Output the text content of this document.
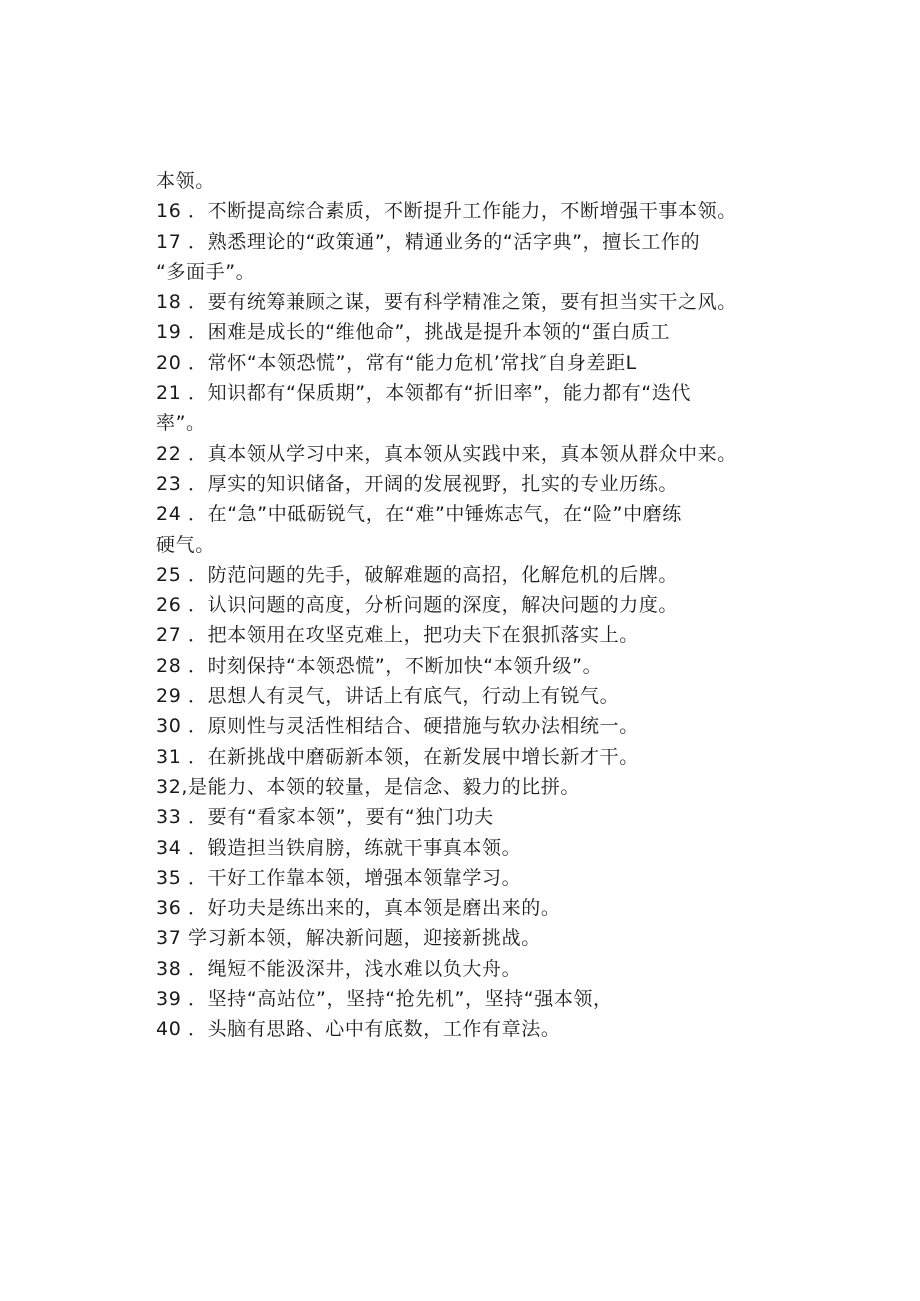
本领。
16 ．不断提高综合素质，不断提升工作能力，不断增强干事本领。
17 ．熟悉理论的“政策通”，精通业务的“活字典”，擅长工作的
“多面手”。
18 ．要有统筹兼顾之谋，要有科学精准之策，要有担当实干之风。
19 ．困难是成长的“维他命”，挑战是提升本领的“蛋白质工
20 ．常怀“本领恐慌”，常有“能力危机’常找″自身差距L
21 ．知识都有“保质期”，本领都有“折旧率”，能力都有“迭代
率”。
22 ．真本领从学习中来，真本领从实践中来，真本领从群众中来。
23 ．厚实的知识储备，开阔的发展视野，扎实的专业历练。
24 ．在“急”中砥砺锐气，在“难”中锤炼志气，在“险”中磨练
硬气。
25 ．防范问题的先手，破解难题的高招，化解危机的后牌。
26 ．认识问题的高度，分析问题的深度，解决问题的力度。
27 ．把本领用在攻坚克难上，把功夫下在狠抓落实上。
28 ．时刻保持“本领恐慌”，不断加快“本领升级”。
29 ．思想人有灵气，讲话上有底气，行动上有锐气。
30 ．原则性与灵活性相结合、硬措施与软办法相统一。
31 ．在新挑战中磨砺新本领，在新发展中增长新才干。
32,是能力、本领的较量，是信念、毅力的比拼。
33 ．要有“看家本领”，要有“独门功夫
34 ．锻造担当铁肩膀，练就干事真本领。
35 ．干好工作靠本领，增强本领靠学习。
36 ．好功夫是练出来的，真本领是磨出来的。
37 学习新本领，解决新问题，迎接新挑战。
38 ．绳短不能汲深井，浅水难以负大舟。
39 ．坚持“高站位”，坚持“抢先机”，坚持“强本领，
40 ．头脑有思路、心中有底数，工作有章法。
